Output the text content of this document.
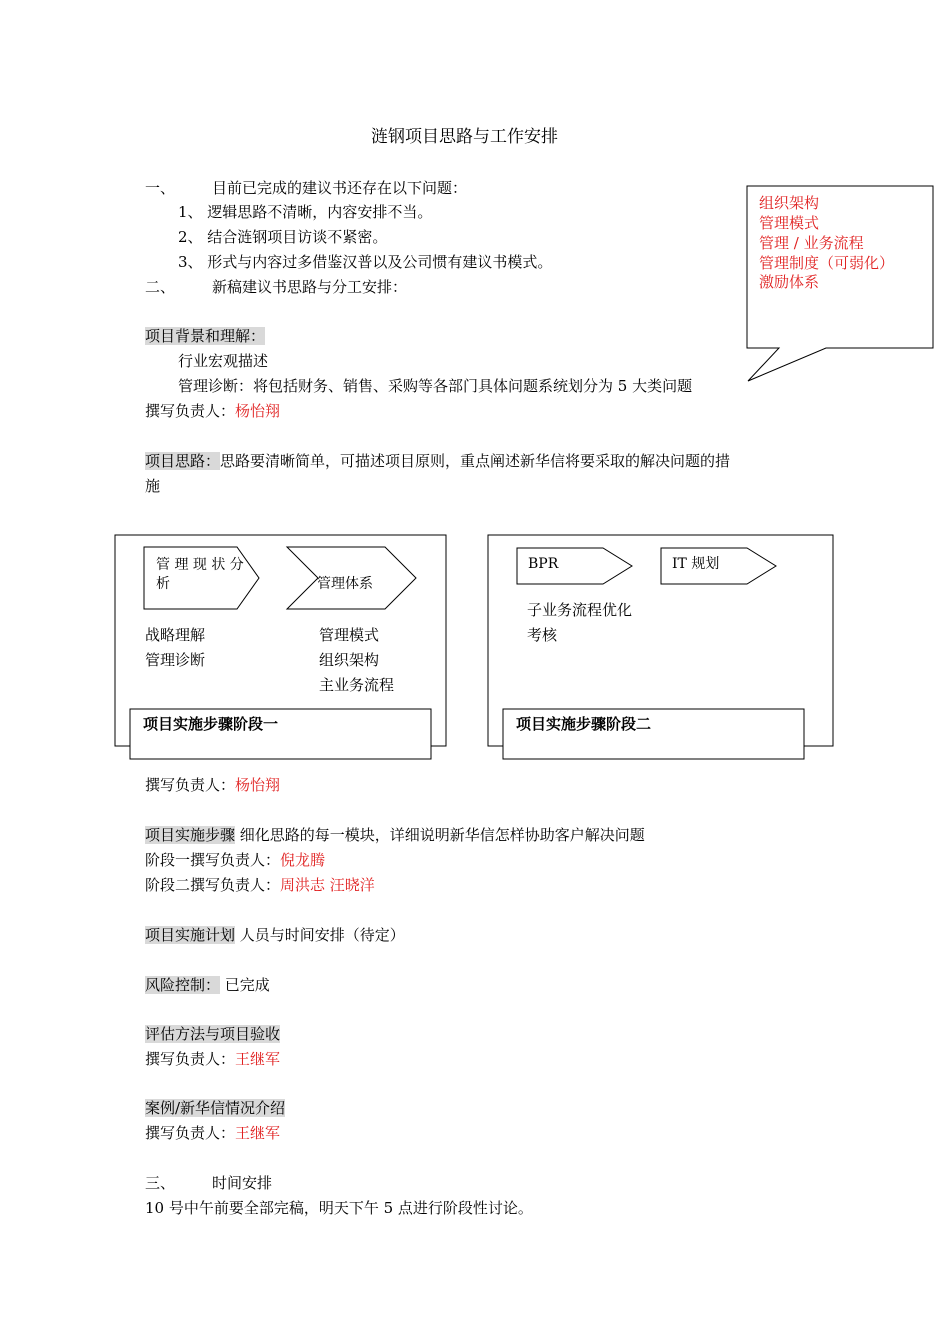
涟钢项目思路与工作安排
一、 目前已完成的建议书还存在以下问题：
1、 逻辑思路不清晰，内容安排不当。
2、 结合涟钢项目访谈不紧密。
3、 形式与内容过多借鉴汉普以及公司惯有建议书模式。
二、 新稿建议书思路与分工安排：
组织架构
管理模式
管理 / 业务流程
管理制度（可弱化）
激励体系
项目背景和理解：
行业宏观描述
管理诊断：将包括财务、销售、采购等各部门具体问题系统划分为 5 大类问题
撰写负责人：杨怡翔
项目思路：思路要清晰简单，可描述项目原则，重点阐述新华信将要采取的解决问题的措
施
管 理 现 状 分
析	管理体系
战略理解
管理诊断
管理模式
组织架构
主业务流程
项目实施步骤阶段一
BPR	IT 规划
子业务流程优化
考核
项目实施步骤阶段二
撰写负责人：杨怡翔
项目实施步骤 细化思路的每一模块，详细说明新华信怎样协助客户解决问题
阶段一撰写负责人：倪龙腾
阶段二撰写负责人：周洪志 汪晓洋
项目实施计划 人员与时间安排（待定）
风险控制： 已完成
评估方法与项目验收
撰写负责人：王继军
案例/新华信情况介绍
撰写负责人：王继军
三、 时间安排
10 号中午前要全部完稿，明天下午 5 点进行阶段性讨论。
